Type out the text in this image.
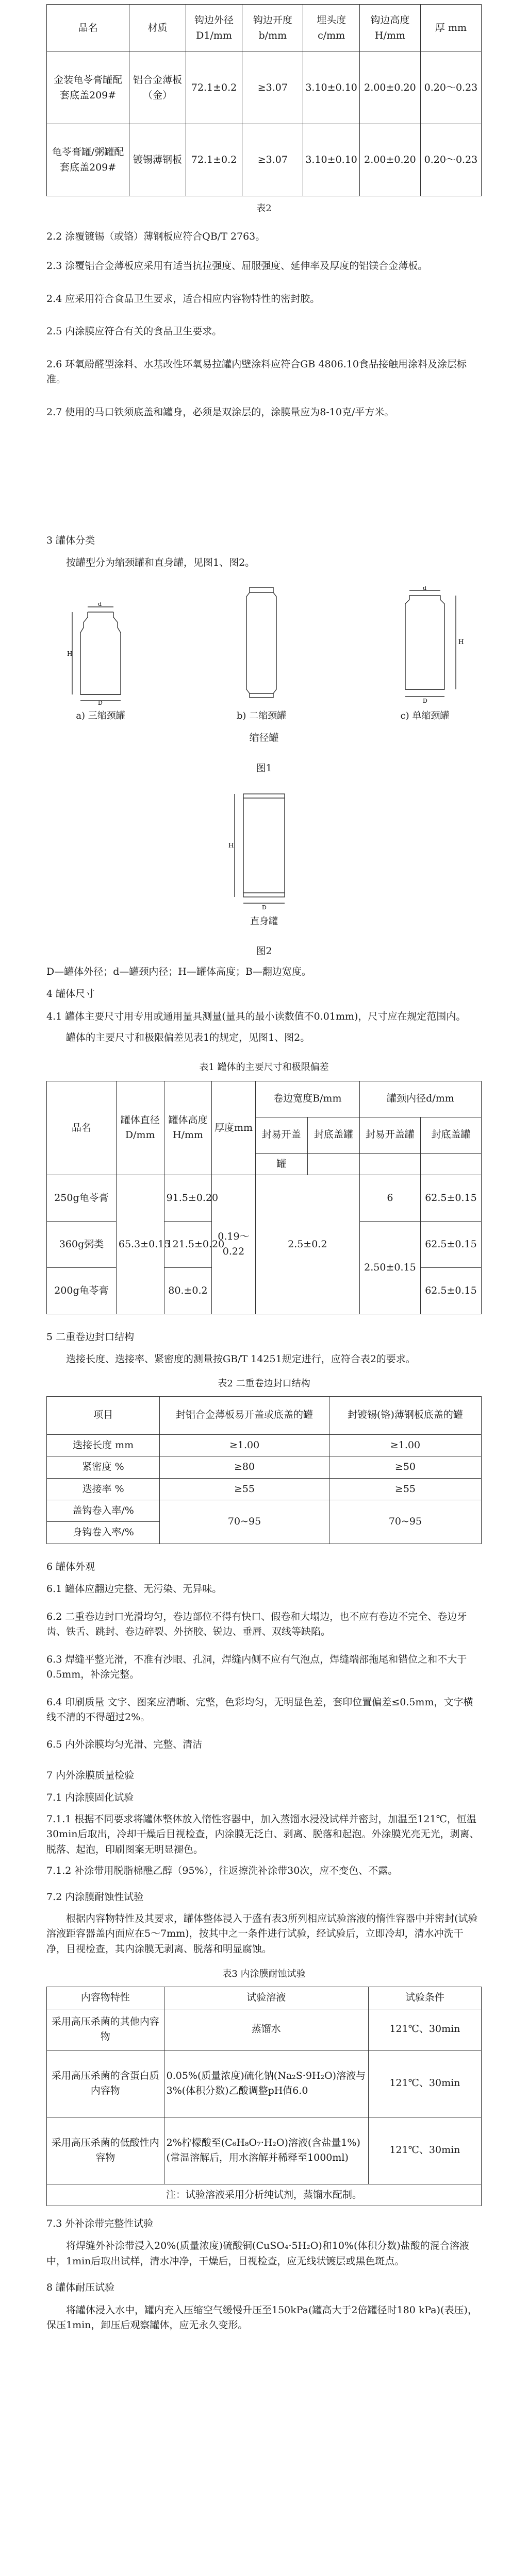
品名	材质	钩边外径D1/mm	钩边开度 b/mm	埋头度 c/mm	钩边高度 H/mm	厚 mm
金装龟苓膏罐配套底盖209#	铝合金薄板（金）	72.1±0.2	≥3.07	3.10±0.10	2.00±0.20	0.20～0.23
龟苓膏罐/粥罐配套底盖209#	镀锡薄钢板	72.1±0.2	≥3.07	3.10±0.10	2.00±0.20	0.20～0.23
表2

2.2 涂覆镀锡（或铬）薄钢板应符合QB/T 2763。

2.3 涂覆铝合金薄板应采用有适当抗拉强度、屈服强度、延伸率及厚度的铝镁合金薄板。

2.4 应采用符合食品卫生要求，适合相应内容物特性的密封胶。

2.5 内涂膜应符合有关的食品卫生要求。

2.6 环氧酚醛型涂料、水基改性环氧易拉罐内壁涂料应符合GB 4806.10食品接触用涂料及涂层标准。

2.7 使用的马口铁须底盖和罐身，必须是双涂层的，涂膜量应为8-10克/平方米。

3 罐体分类

按罐型分为缩颈罐和直身罐，见图1、图2。

H
d
D
a) 三缩颈罐	b) 二缩颈罐
H
d
D
c) 单缩颈罐
缩径罐
图1
H
D
直身罐
图2

D—罐体外径；d—罐颈内径；H—罐体高度；B—翻边宽度。

4 罐体尺寸

4.1 罐体主要尺寸用专用或通用量具测量(量具的最小读数值不0.01mm)，尺寸应在规定范围内。

罐体的主要尺寸和极限偏差见表1的规定，见图1、图2。

表1 罐体的主要尺寸和极限偏差
品名	罐体直径D/mm	罐体高度H/mm	厚度mm	卷边宽度B/mm		罐颈内径d/mm	
				封易开盖	封底盖罐	封易开盖罐	封底盖罐
				罐			
250g龟苓膏	65.3±0.15	91.5±0.20	0.19～0.22	2.5±0.2		6	62.5±0.15
360g粥类		121.5±0.20				2.50±0.15	62.5±0.15
200g龟苓膏		80.±0.2					62.5±0.15
5 二重卷边封口结构

迭接长度、迭接率、紧密度的测量按GB/T 14251规定进行，应符合表2的要求。

表2 二重卷边封口结构
项目	封铝合金薄板易开盖或底盖的罐	封镀锡(铬)薄钢板底盖的罐
迭接长度 mm	≥1.00	≥1.00
紧密度 %	≥80	≥50
迭接率 %	≥55	≥55
盖钩卷入率/%	70~95	70~95
身钩卷入率/%		
6 罐体外观

6.1 罐体应翻边完整、无污染、无异味。

6.2 二重卷边封口光滑均匀，卷边部位不得有快口、假卷和大塌边，也不应有卷边不完全、卷边牙齿、铁舌、跳封、卷边碎裂、外挤胶、锐边、垂唇、双线等缺陷。

6.3 焊缝平整光滑，不准有沙眼、孔洞，焊缝内侧不应有气泡点，焊缝端部拖尾和错位之和不大于0.5mm，补涂完整。

6.4 印刷质量 文字、图案应清晰、完整，色彩均匀，无明显色差，套印位置偏差≤0.5mm，文字横线不清的不得超过2%。

6.5 内外涂膜均匀光滑、完整、清洁

7 内外涂膜质量检验

7.1 内涂膜固化试验

7.1.1 根据不同要求将罐体整体放入惰性容器中，加入蒸馏水浸没试样并密封，加温至121℃，恒温30min后取出，冷却干燥后目视检查，内涂膜无泛白、剥离、脱落和起泡。外涂膜光亮无光，剥离、脱落、起泡，印刷图案无明显褪色。

7.1.2 补涂带用脱脂棉醮乙醇（95%），往返擦洗补涂带30次，应不变色、不露。

7.2 内涂膜耐蚀性试验

根据内容物特性及其要求，罐体整体浸入于盛有表3所列相应试验溶液的惰性容器中并密封(试验溶液距容器盖内面应在5～7mm)，按其中之一条件进行试验，经试验后，立即冷却，清水冲洗干净，目视检查，其内涂膜无剥离、脱落和明显腐蚀。

表3 内涂膜耐蚀试验
内容物特性	试验溶液	试验条件
采用高压杀菌的其他内容物	蒸馏水	121℃、30min
采用高压杀菌的含蛋白质内容物	0.05%(质量浓度)硫化钠(Na₂S·9H₂O)溶液与3%(体积分数)乙酸调整pH值6.0	121℃、30min
采用高压杀菌的低酸性内容物	2%柠檬酸至(C₆H₈O₇·H₂O)溶液(含盐量1%)(常温溶解后，用水溶解并稀释至1000ml)	121℃、30min
注：试验溶液采用分析纯试剂，蒸馏水配制。		
7.3 外补涂带完整性试验

将焊缝外补涂带浸入20%(质量浓度)硫酸铜(CuSO₄·5H₂O)和10%(体积分数)盐酸的混合溶液中，1min后取出试样，清水冲净，干燥后，目视检查，应无线状镀层或黑色斑点。

8 罐体耐压试验

将罐体浸入水中，罐内充入压缩空气缓慢升压至150kPa(罐高大于2倍罐径时180 kPa)(表压)，保压1min，卸压后观察罐体，应无永久变形。
